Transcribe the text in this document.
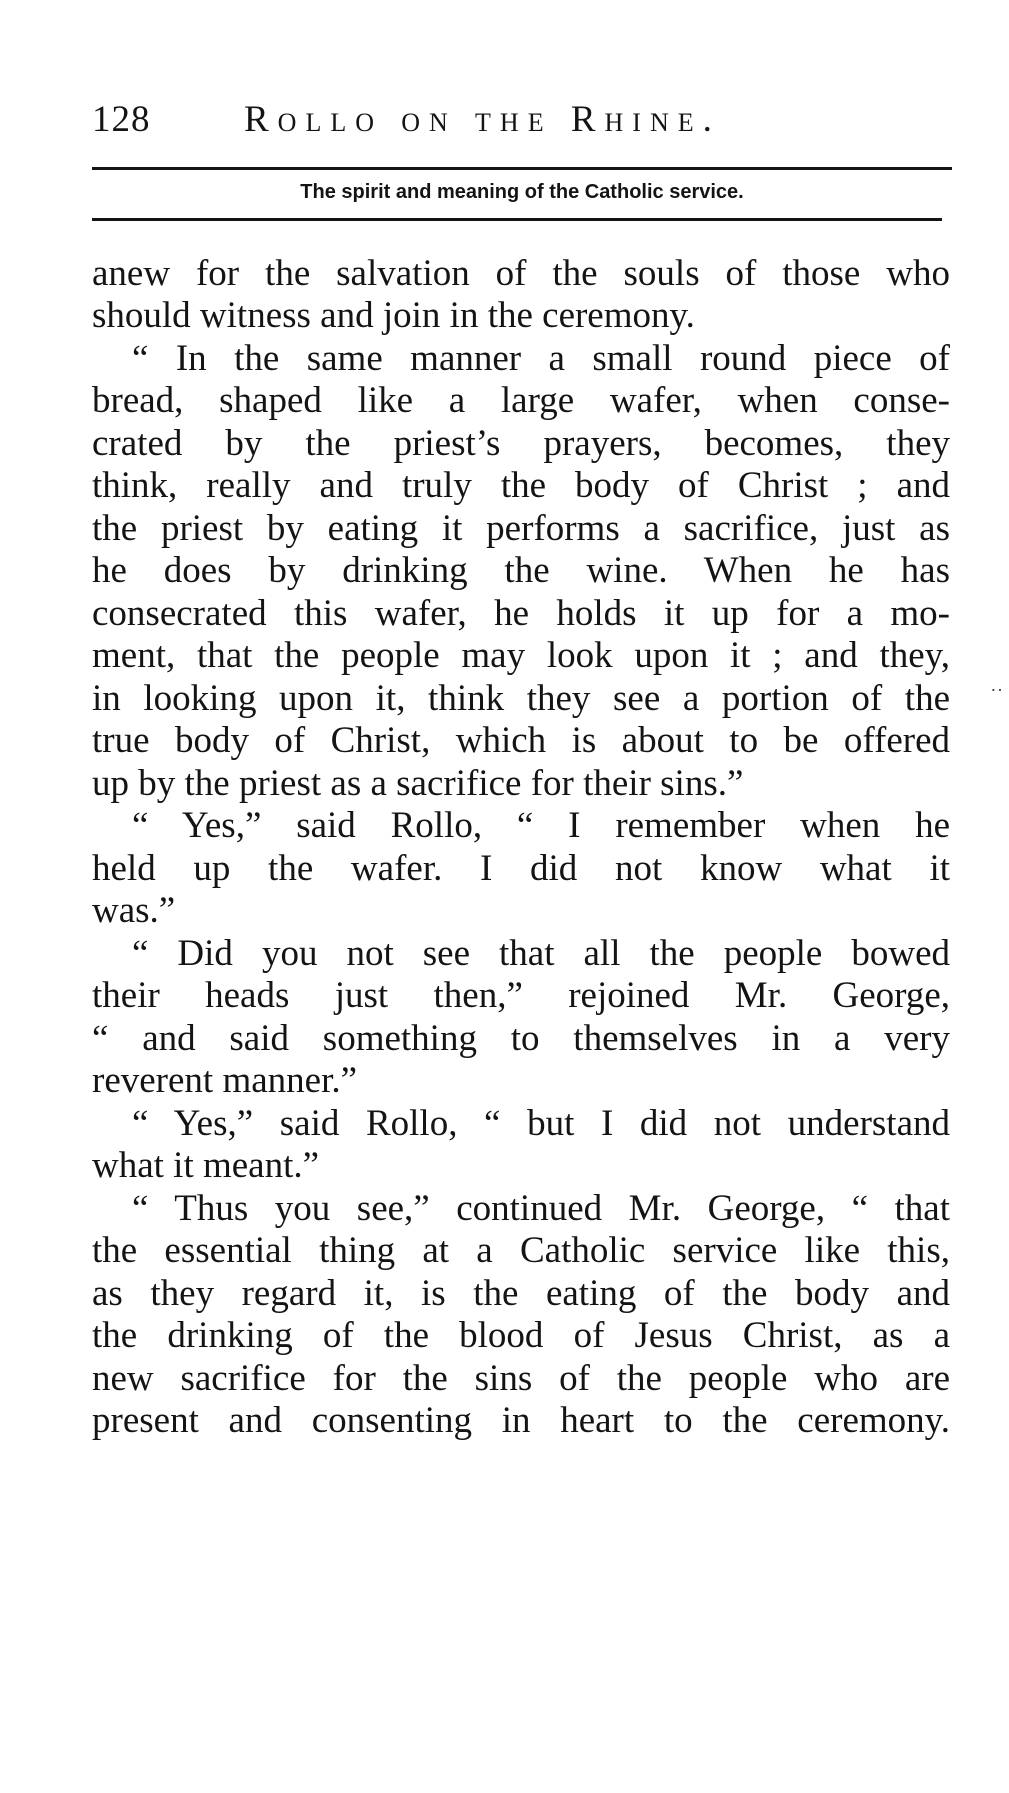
128	Rollo on the Rhine.
The spirit and meaning of the Catholic service.
anew for the salvation of the souls of those who
should witness and join in the ceremony.
“ In the same manner a small round piece of
bread, shaped like a large wafer, when conse-
crated by the priest’s prayers, becomes, they
think, really and truly the body of Christ ; and
the priest by eating it performs a sacrifice, just as
he does by drinking the wine. When he has
consecrated this wafer, he holds it up for a mo-
ment, that the people may look upon it ; and they,
in looking upon it, think they see a portion of the
true body of Christ, which is about to be offered
up by the priest as a sacrifice for their sins.”
“ Yes,” said Rollo, “ I remember when he
held up the wafer. I did not know what it
was.”
“ Did you not see that all the people bowed
their heads just then,” rejoined Mr. George,
“ and said something to themselves in a very
reverent manner.”
“ Yes,” said Rollo, “ but I did not understand
what it meant.”
“ Thus you see,” continued Mr. George, “ that
the essential thing at a Catholic service like this,
as they regard it, is the eating of the body and
the drinking of the blood of Jesus Christ, as a
new sacrifice for the sins of the people who are
present and consenting in heart to the ceremony.
˙˙
